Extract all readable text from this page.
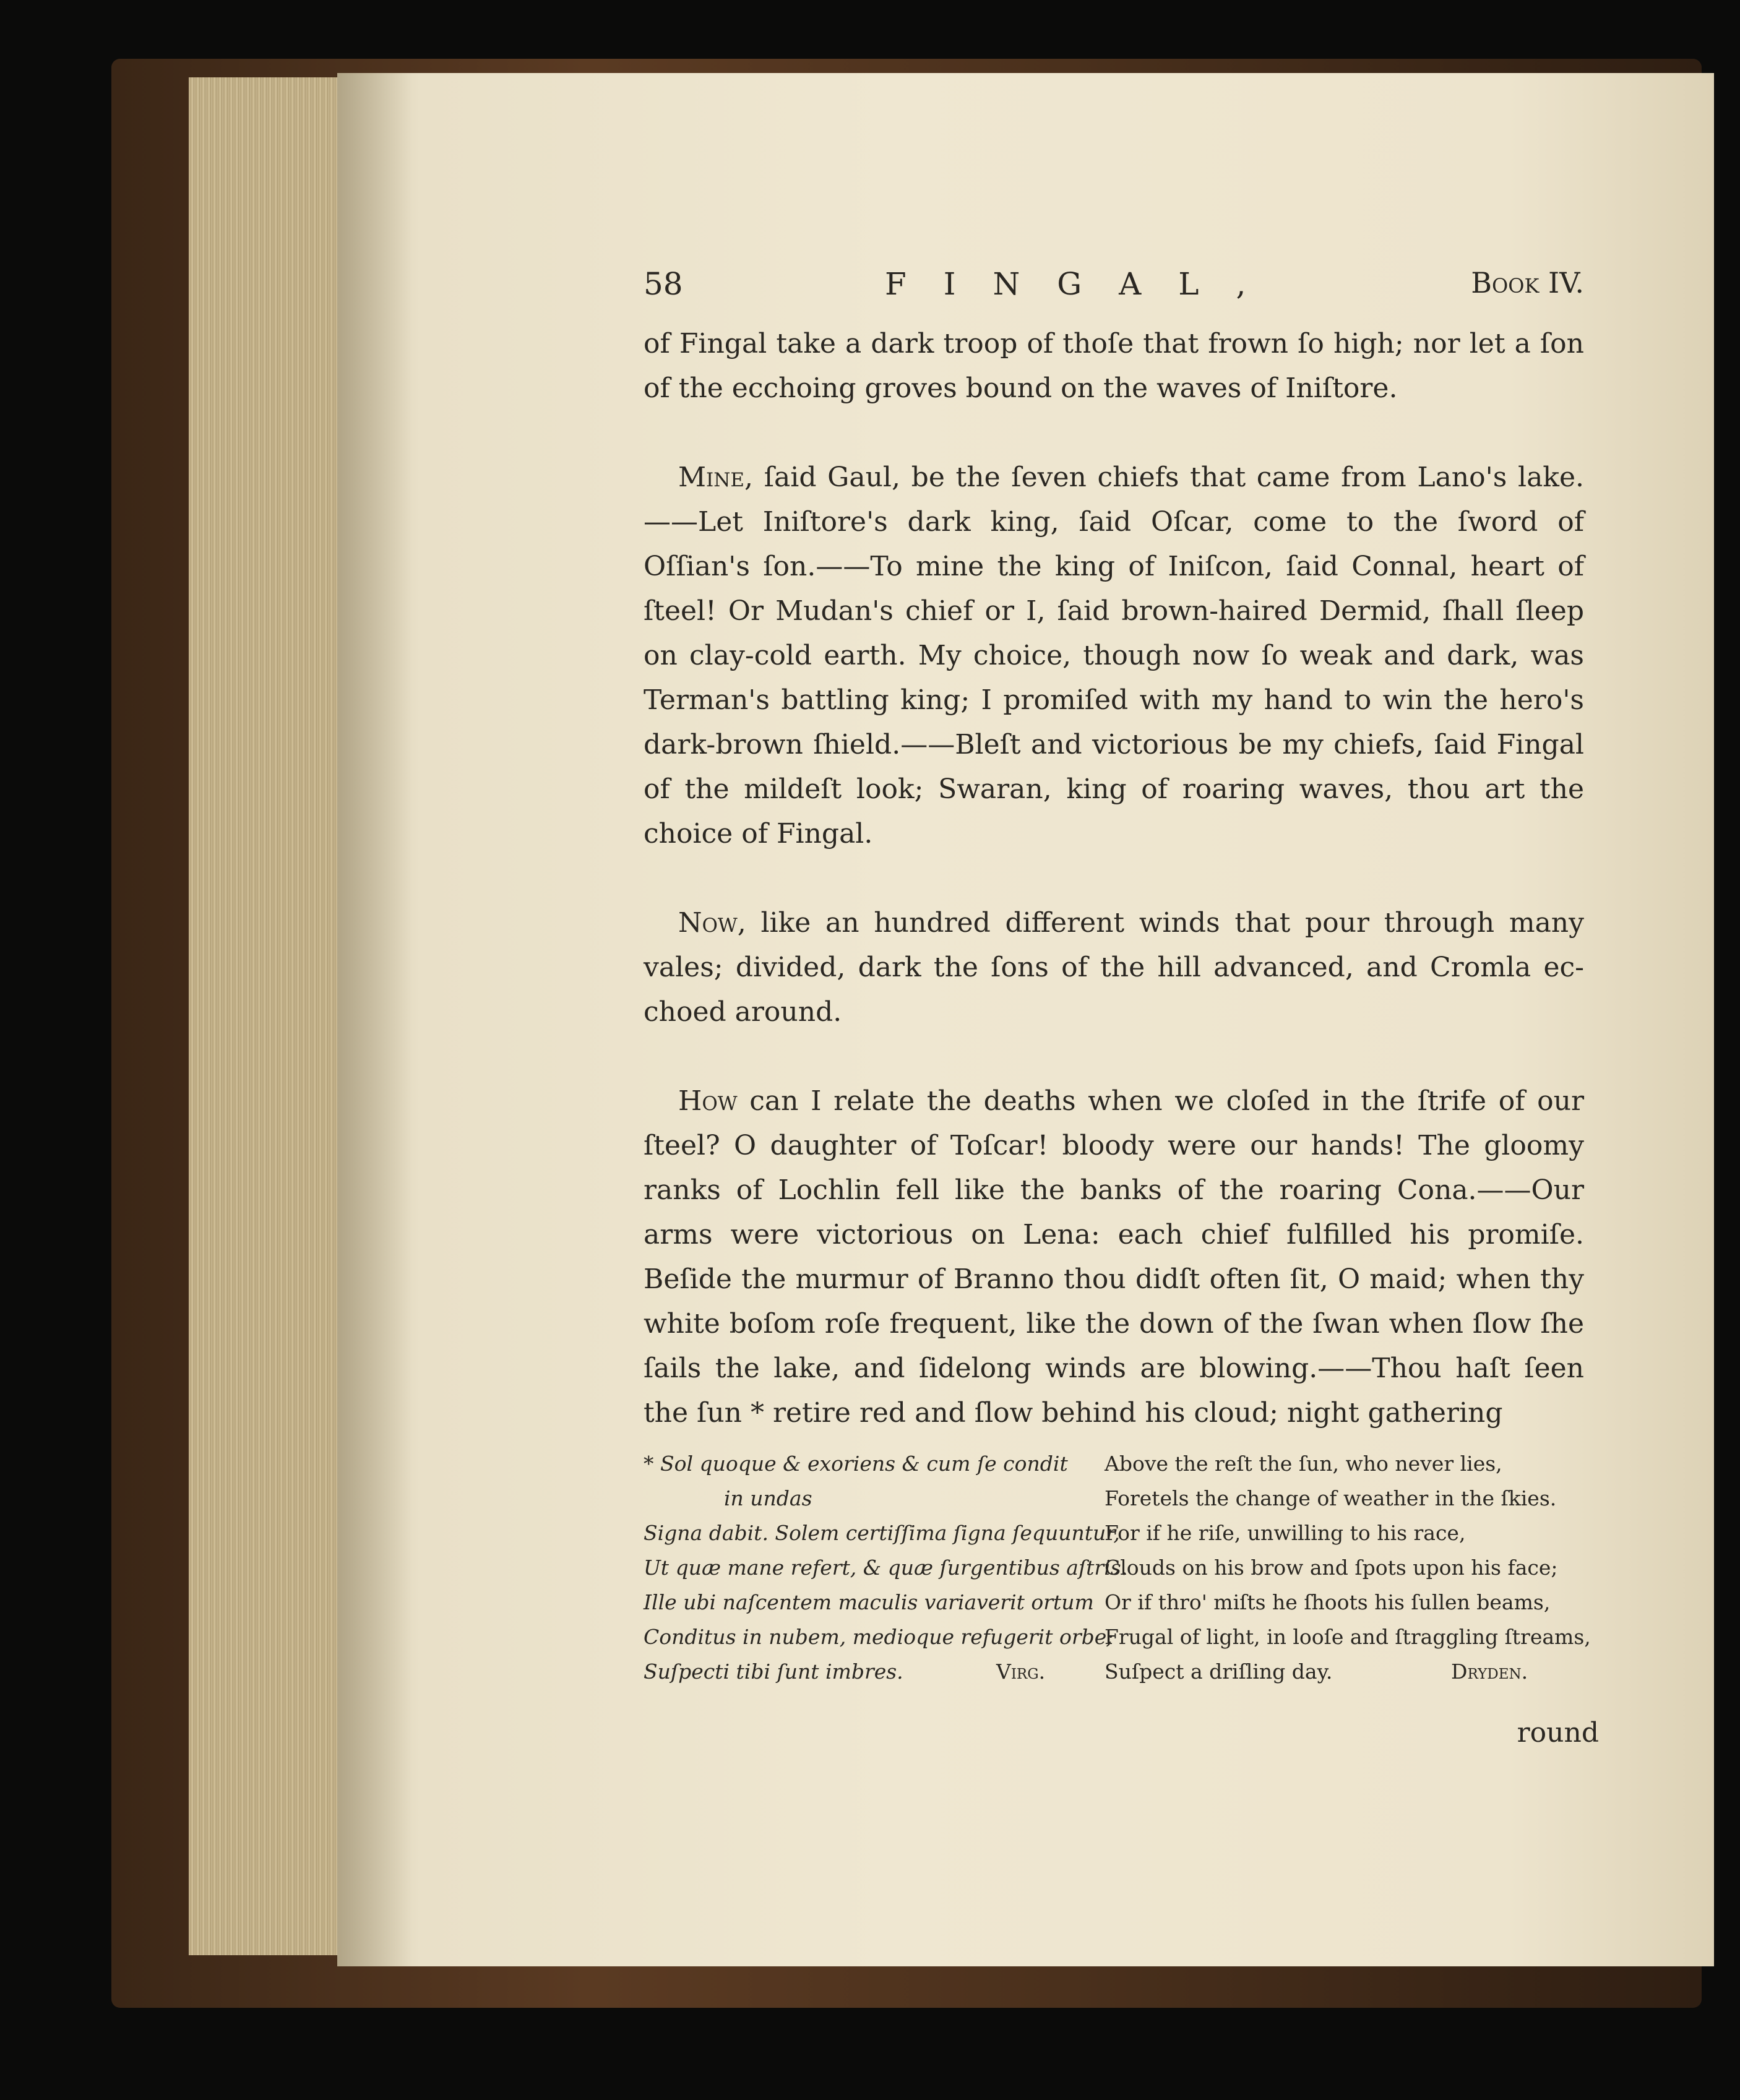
58	FINGAL,	Book IV.

of Fingal take a dark troop of thoſe that frown ſo high; nor let a ſon of the ecchoing groves bound on the waves of Iniſtore.

Mine, ſaid Gaul, be the ſeven chiefs that came from Lano's lake.——Let Iniſtore's dark king, ſaid Oſcar, come to the ſword of Oſſian's ſon.——To mine the king of Iniſcon, ſaid Connal, heart of ſteel! Or Mudan's chief or I, ſaid brown-haired Dermid, ſhall ſleep on clay-cold earth. My choice, though now ſo weak and dark, was Terman's battling king; I promiſed with my hand to win the hero's dark-brown ſhield.——Bleſt and victorious be my chiefs, ſaid Fingal of the mildeſt look; Swaran, king of roaring waves, thou art the choice of Fingal.

Now, like an hundred different winds that pour through many vales; divided, dark the ſons of the hill advanced, and Cromla ec-choed around.

How can I relate the deaths when we cloſed in the ſtrife of our ſteel? O daughter of Toſcar! bloody were our hands! The gloomy ranks of Lochlin fell like the banks of the roaring Cona.——Our arms were victorious on Lena: each chief fulfilled his promiſe. Beſide the murmur of Branno thou didſt often ſit, O maid; when thy white boſom roſe frequent, like the down of the ſwan when ſlow ſhe ſails the lake, and ſidelong winds are blowing.——Thou haſt ſeen the ſun * retire red and ſlow behind his cloud; night gathering

* Sol quoque & exoriens & cum ſe condit
in undas
Signa dabit. Solem certiſſima ſigna ſequuntur,
Ut quæ mane refert, & quæ ſurgentibus aſtris.
Ille ubi naſcentem maculis variaverit ortum
Conditus in nubem, medioque refugerit orbe;
Suſpecti tibi ſunt imbres.	Virg.
Above the reſt the ſun, who never lies,
Foretels the change of weather in the ſkies.
For if he riſe, unwilling to his race,
Clouds on his brow and ſpots upon his face;
Or if thro' miſts he ſhoots his ſullen beams,
Frugal of light, in looſe and ſtraggling ſtreams,
Suſpect a driſling day.	Dryden.
round
